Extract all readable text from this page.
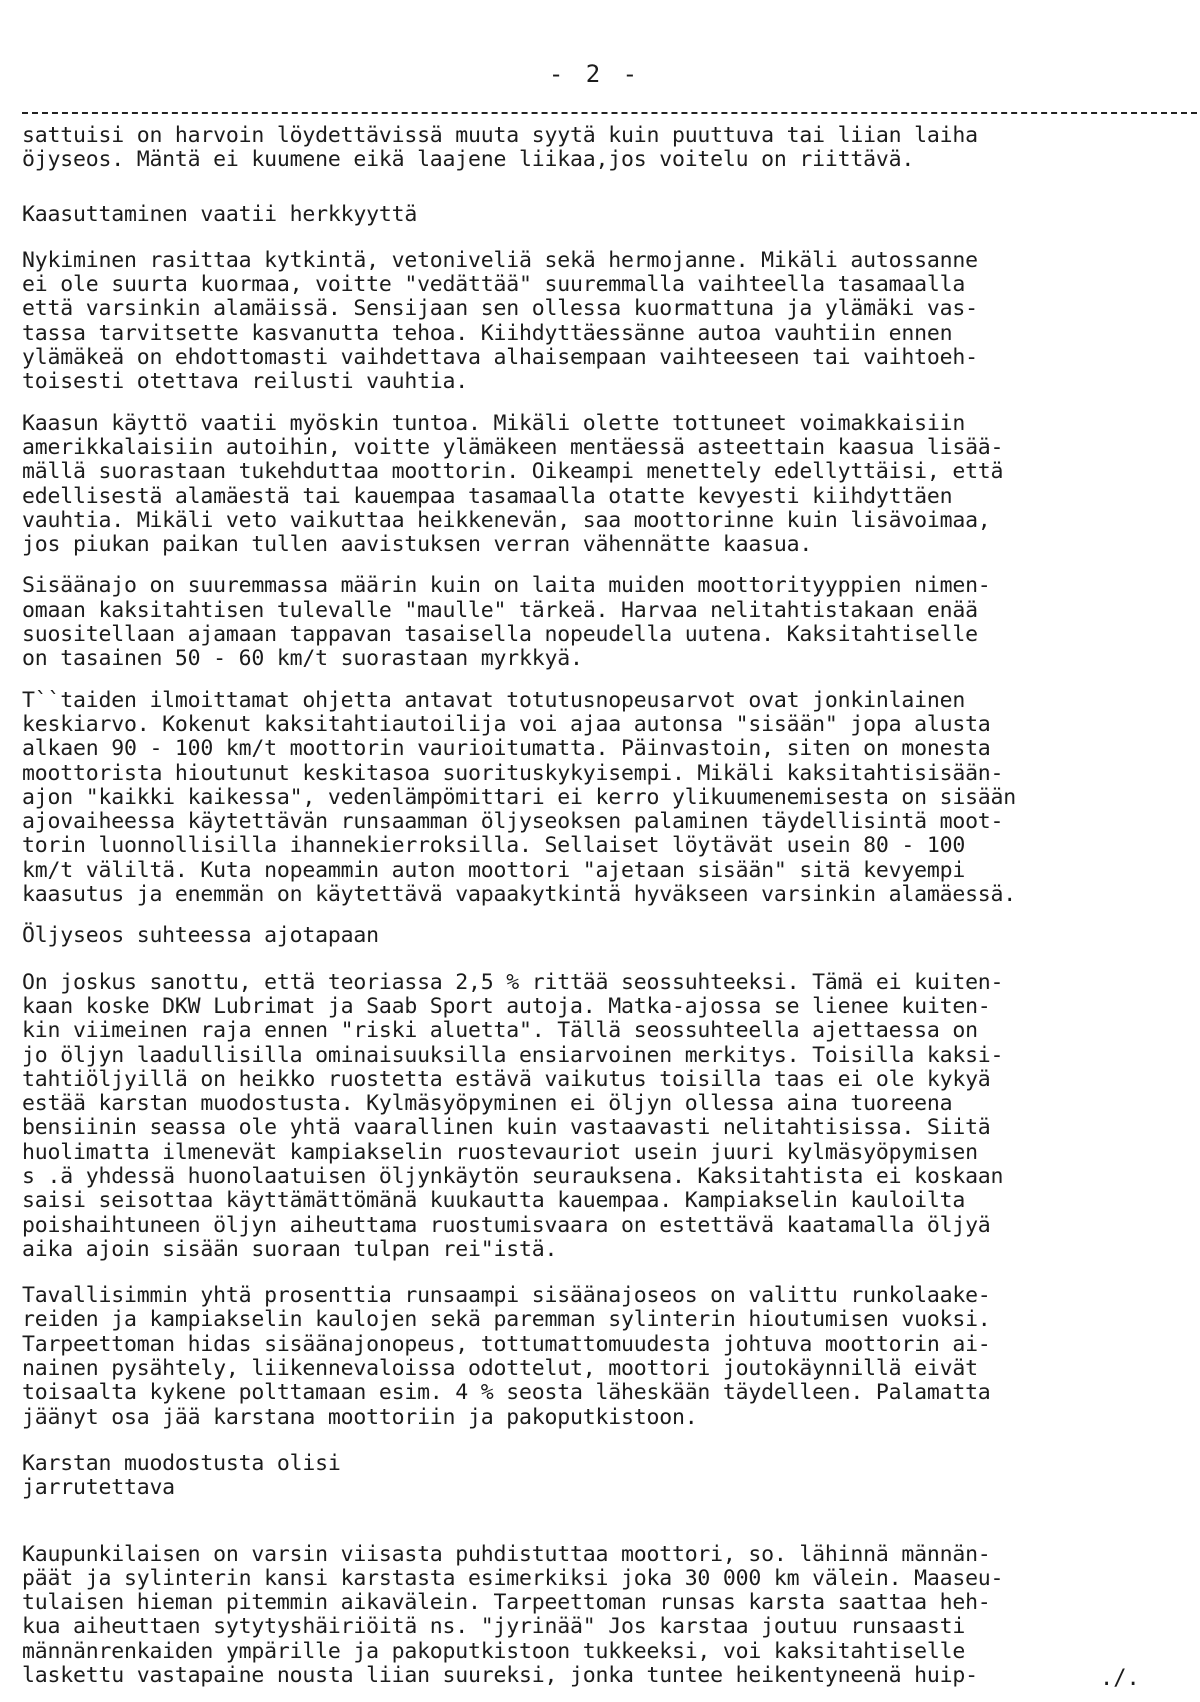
- 2 -
sattuisi on harvoin löydettävissä muuta syytä kuin puuttuva tai liian laiha
öjyseos. Mäntä ei kuumene eikä laajene liikaa,jos voitelu on riittävä.
Kaasuttaminen vaatii herkkyyttä
Nykiminen rasittaa kytkintä, vetoniveliä sekä hermojanne. Mikäli autossanne
ei ole suurta kuormaa, voitte "vedättää" suuremmalla vaihteella tasamaalla
että varsinkin alamäissä. Sensijaan sen ollessa kuormattuna ja ylämäki vas-
tassa tarvitsette kasvanutta tehoa. Kiihdyttäessänne autoa vauhtiin ennen
ylämäkeä on ehdottomasti vaihdettava alhaisempaan vaihteeseen tai vaihtoeh-
toisesti otettava reilusti vauhtia.
Kaasun käyttö vaatii myöskin tuntoa. Mikäli olette tottuneet voimakkaisiin
amerikkalaisiin autoihin, voitte ylämäkeen mentäessä asteettain kaasua lisää-
mällä suorastaan tukehduttaa moottorin. Oikeampi menettely edellyttäisi, että
edellisestä alamäestä tai kauempaa tasamaalla otatte kevyesti kiihdyttäen
vauhtia. Mikäli veto vaikuttaa heikkenevän, saa moottorinne kuin lisävoimaa,
jos piukan paikan tullen aavistuksen verran vähennätte kaasua.
Sisäänajo on suuremmassa määrin kuin on laita muiden moottorityyppien nimen-
omaan kaksitahtisen tulevalle "maulle" tärkeä. Harvaa nelitahtistakaan enää
suositellaan ajamaan tappavan tasaisella nopeudella uutena. Kaksitahtiselle
on tasainen 50 - 60 km/t suorastaan myrkkyä.
T``taiden ilmoittamat ohjetta antavat totutusnopeusarvot ovat jonkinlainen
keskiarvo. Kokenut kaksitahtiautoilija voi ajaa autonsa "sisään" jopa alusta
alkaen 90 - 100 km/t moottorin vaurioitumatta. Päinvastoin, siten on monesta
moottorista hioutunut keskitasoa suorituskykyisempi. Mikäli kaksitahtisisään-
ajon "kaikki kaikessa", vedenlämpömittari ei kerro ylikuumenemisesta on sisään
ajovaiheessa käytettävän runsaamman öljyseoksen palaminen täydellisintä moot-
torin luonnollisilla ihannekierroksilla. Sellaiset löytävät usein 80 - 100
km/t väliltä. Kuta nopeammin auton moottori "ajetaan sisään" sitä kevyempi
kaasutus ja enemmän on käytettävä vapaakytkintä hyväkseen varsinkin alamäessä.
Öljyseos suhteessa ajotapaan
On joskus sanottu, että teoriassa 2,5 % rittää seossuhteeksi. Tämä ei kuiten-
kaan koske DKW Lubrimat ja Saab Sport autoja. Matka-ajossa se lienee kuiten-
kin viimeinen raja ennen "riski aluetta". Tällä seossuhteella ajettaessa on
jo öljyn laadullisilla ominaisuuksilla ensiarvoinen merkitys. Toisilla kaksi-
tahtiöljyillä on heikko ruostetta estävä vaikutus toisilla taas ei ole kykyä
estää karstan muodostusta. Kylmäsyöpyminen ei öljyn ollessa aina tuoreena
bensiinin seassa ole yhtä vaarallinen kuin vastaavasti nelitahtisissa. Siitä
huolimatta ilmenevät kampiakselin ruostevauriot usein juuri kylmäsyöpymisen
s .ä yhdessä huonolaatuisen öljynkäytön seurauksena. Kaksitahtista ei koskaan
saisi seisottaa käyttämättömänä kuukautta kauempaa. Kampiakselin kauloilta
poishaihtuneen öljyn aiheuttama ruostumisvaara on estettävä kaatamalla öljyä
aika ajoin sisään suoraan tulpan rei"istä.
Tavallisimmin yhtä prosenttia runsaampi sisäänajoseos on valittu runkolaake-
reiden ja kampiakselin kaulojen sekä paremman sylinterin hioutumisen vuoksi.
Tarpeettoman hidas sisäänajonopeus, tottumattomuudesta johtuva moottorin ai-
nainen pysähtely, liikennevaloissa odottelut, moottori joutokäynnillä eivät
toisaalta kykene polttamaan esim. 4 % seosta läheskään täydelleen. Palamatta
jäänyt osa jää karstana moottoriin ja pakoputkistoon.
Karstan muodostusta olisi
jarrutettava
Kaupunkilaisen on varsin viisasta puhdistuttaa moottori, so. lähinnä männän-
päät ja sylinterin kansi karstasta esimerkiksi joka 30 000 km välein. Maaseu-
tulaisen hieman pitemmin aikavälein. Tarpeettoman runsas karsta saattaa heh-
kua aiheuttaen sytytyshäiriöitä ns. "jyrinää" Jos karstaa joutuu runsaasti
männänrenkaiden ympärille ja pakoputkistoon tukkeeksi, voi kaksitahtiselle
laskettu vastapaine nousta liian suureksi, jonka tuntee heikentyneenä huip-	./.
